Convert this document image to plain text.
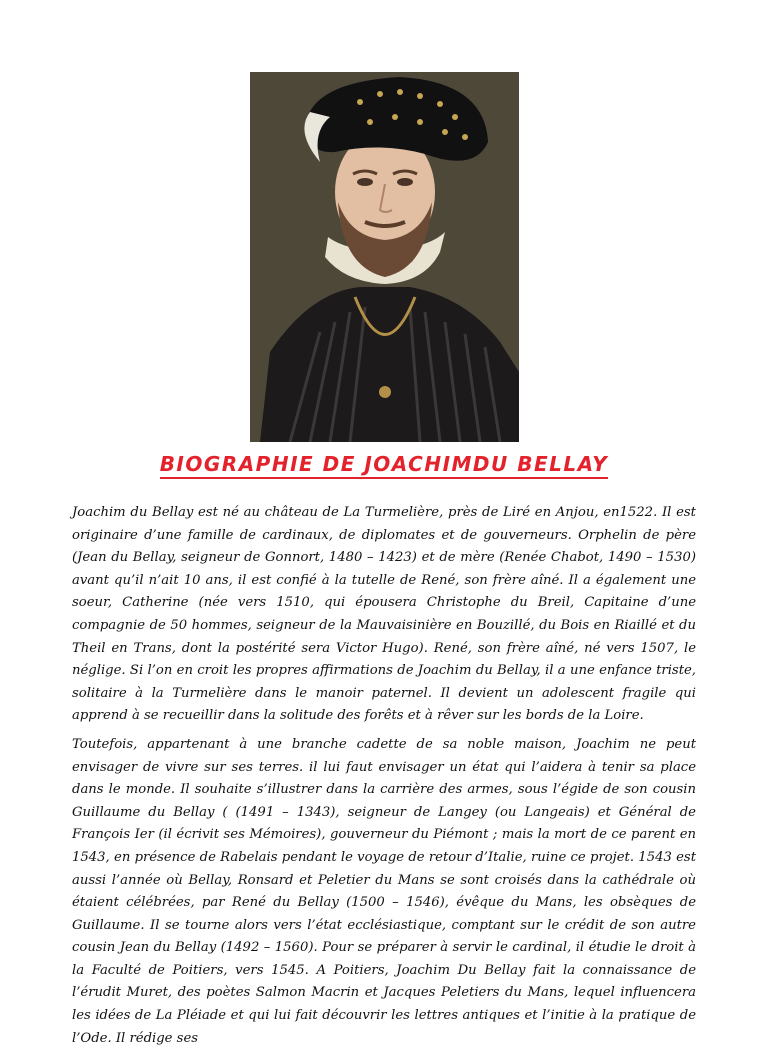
BIOGRAPHIE DE JOACHIMDU BELLAY

Joachim du Bellay est né au château de La Turmelière, près de Liré en Anjou, en1522. Il est originaire d’une famille de cardinaux, de diplomates et de gouverneurs. Orphelin de père (Jean du Bellay, seigneur de Gonnort, 1480 – 1423) et de mère (Renée Chabot, 1490 – 1530) avant qu’il n’ait 10 ans, il est confié à la tutelle de René, son frère aîné. Il a également une soeur, Catherine (née vers 1510, qui épousera Christophe du Breil, Capitaine d’une compagnie de 50 hommes, seigneur de la Mauvaisinière en Bouzillé, du Bois en Riaillé et du Theil en Trans, dont la postérité sera Victor Hugo). René, son frère aîné, né vers 1507, le néglige. Si l’on en croit les propres affirmations de Joachim du Bellay, il a une enfance triste, solitaire à la Turmelière dans le manoir paternel. Il devient un adolescent fragile qui apprend à se recueillir dans la solitude des forêts et à rêver sur les bords de la Loire.

Toutefois, appartenant à une branche cadette de sa noble maison, Joachim ne peut envisager de vivre sur ses terres. il lui faut envisager un état qui l’aidera à tenir sa place dans le monde. Il souhaite s’illustrer dans la carrière des armes, sous l’égide de son cousin Guillaume du Bellay ( (1491 – 1343), seigneur de Langey (ou Langeais) et Général de François Ier (il écrivit ses Mémoires), gouverneur du Piémont ; mais la mort de ce parent en 1543, en présence de Rabelais pendant le voyage de retour d’Italie, ruine ce projet. 1543 est aussi l’année où Bellay, Ronsard et Peletier du Mans se sont croisés dans la cathédrale où étaient célébrées, par René du Bellay (1500 – 1546), évêque du Mans, les obsèques de Guillaume. Il se tourne alors vers l’état ecclésiastique, comptant sur le crédit de son autre cousin Jean du Bellay (1492 – 1560). Pour se préparer à servir le cardinal, il étudie le droit à la Faculté de Poitiers, vers 1545. A Poitiers, Joachim Du Bellay fait la connaissance de l’érudit Muret, des poètes Salmon Macrin et Jacques Peletiers du Mans, lequel influencera les idées de La Pléiade et qui lui fait découvrir les lettres antiques et l’initie à la pratique de l’Ode. Il rédige ses
